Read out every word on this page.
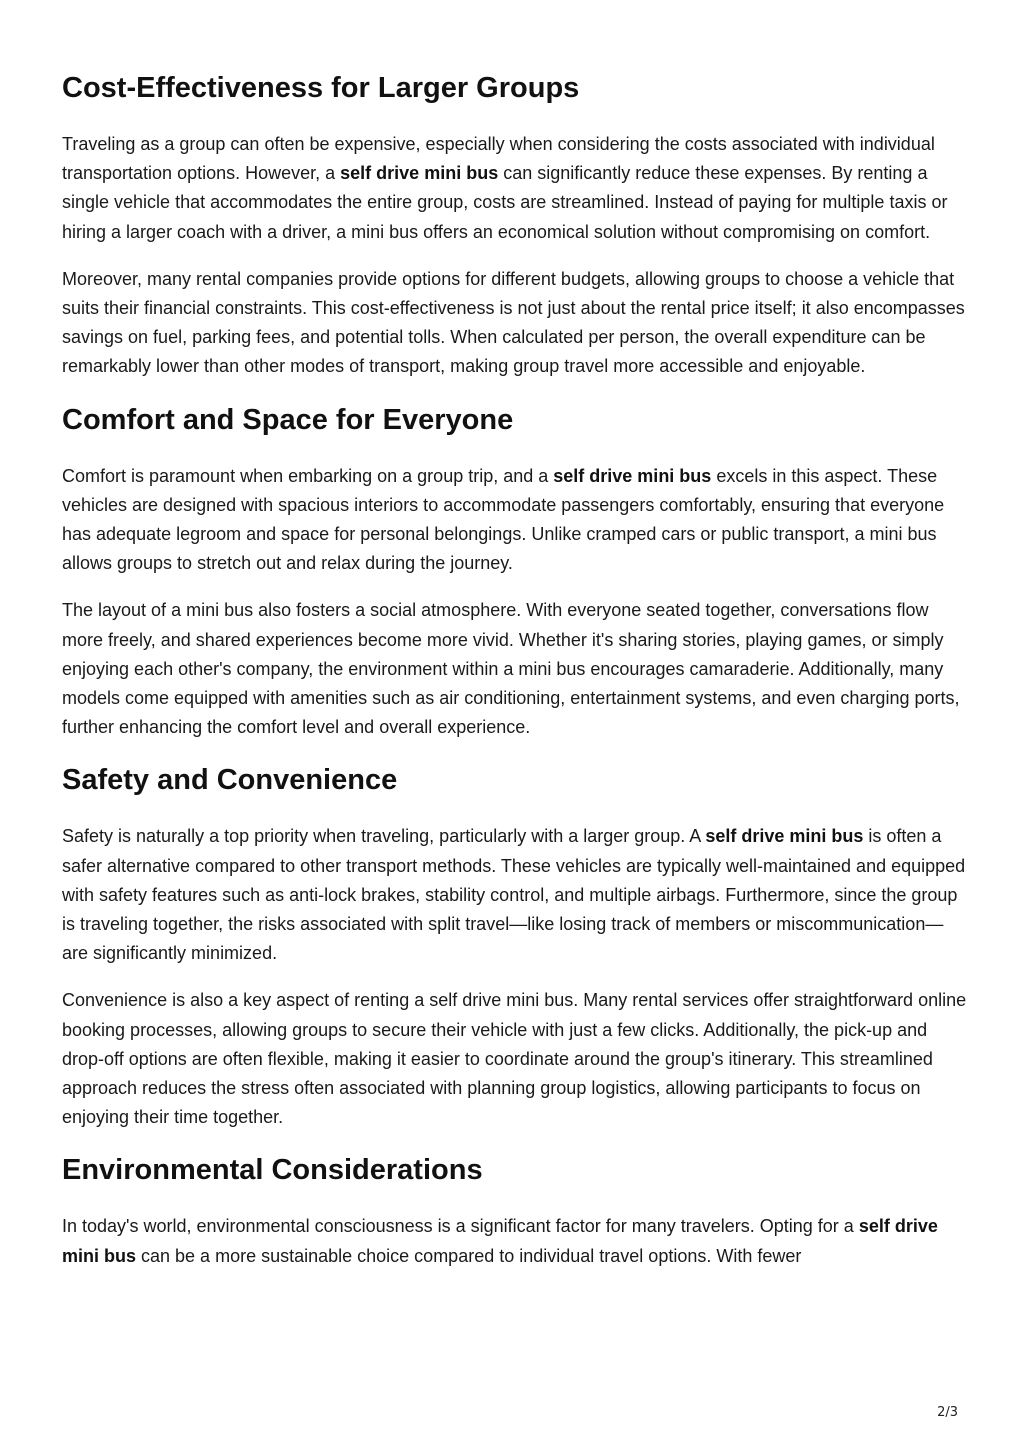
Cost-Effectiveness for Larger Groups

Traveling as a group can often be expensive, especially when considering the costs associated with individual transportation options. However, a self drive mini bus can significantly reduce these expenses. By renting a single vehicle that accommodates the entire group, costs are streamlined. Instead of paying for multiple taxis or hiring a larger coach with a driver, a mini bus offers an economical solution without compromising on comfort.

Moreover, many rental companies provide options for different budgets, allowing groups to choose a vehicle that suits their financial constraints. This cost-effectiveness is not just about the rental price itself; it also encompasses savings on fuel, parking fees, and potential tolls. When calculated per person, the overall expenditure can be remarkably lower than other modes of transport, making group travel more accessible and enjoyable.

Comfort and Space for Everyone

Comfort is paramount when embarking on a group trip, and a self drive mini bus excels in this aspect. These vehicles are designed with spacious interiors to accommodate passengers comfortably, ensuring that everyone has adequate legroom and space for personal belongings. Unlike cramped cars or public transport, a mini bus allows groups to stretch out and relax during the journey.

The layout of a mini bus also fosters a social atmosphere. With everyone seated together, conversations flow more freely, and shared experiences become more vivid. Whether it's sharing stories, playing games, or simply enjoying each other's company, the environment within a mini bus encourages camaraderie. Additionally, many models come equipped with amenities such as air conditioning, entertainment systems, and even charging ports, further enhancing the comfort level and overall experience.

Safety and Convenience

Safety is naturally a top priority when traveling, particularly with a larger group. A self drive mini bus is often a safer alternative compared to other transport methods. These vehicles are typically well-maintained and equipped with safety features such as anti-lock brakes, stability control, and multiple airbags. Furthermore, since the group is traveling together, the risks associated with split travel—like losing track of members or miscommunication—are significantly minimized.

Convenience is also a key aspect of renting a self drive mini bus. Many rental services offer straightforward online booking processes, allowing groups to secure their vehicle with just a few clicks. Additionally, the pick-up and drop-off options are often flexible, making it easier to coordinate around the group's itinerary. This streamlined approach reduces the stress often associated with planning group logistics, allowing participants to focus on enjoying their time together.

Environmental Considerations

In today's world, environmental consciousness is a significant factor for many travelers. Opting for a self drive mini bus can be a more sustainable choice compared to individual travel options. With fewer

2/3
